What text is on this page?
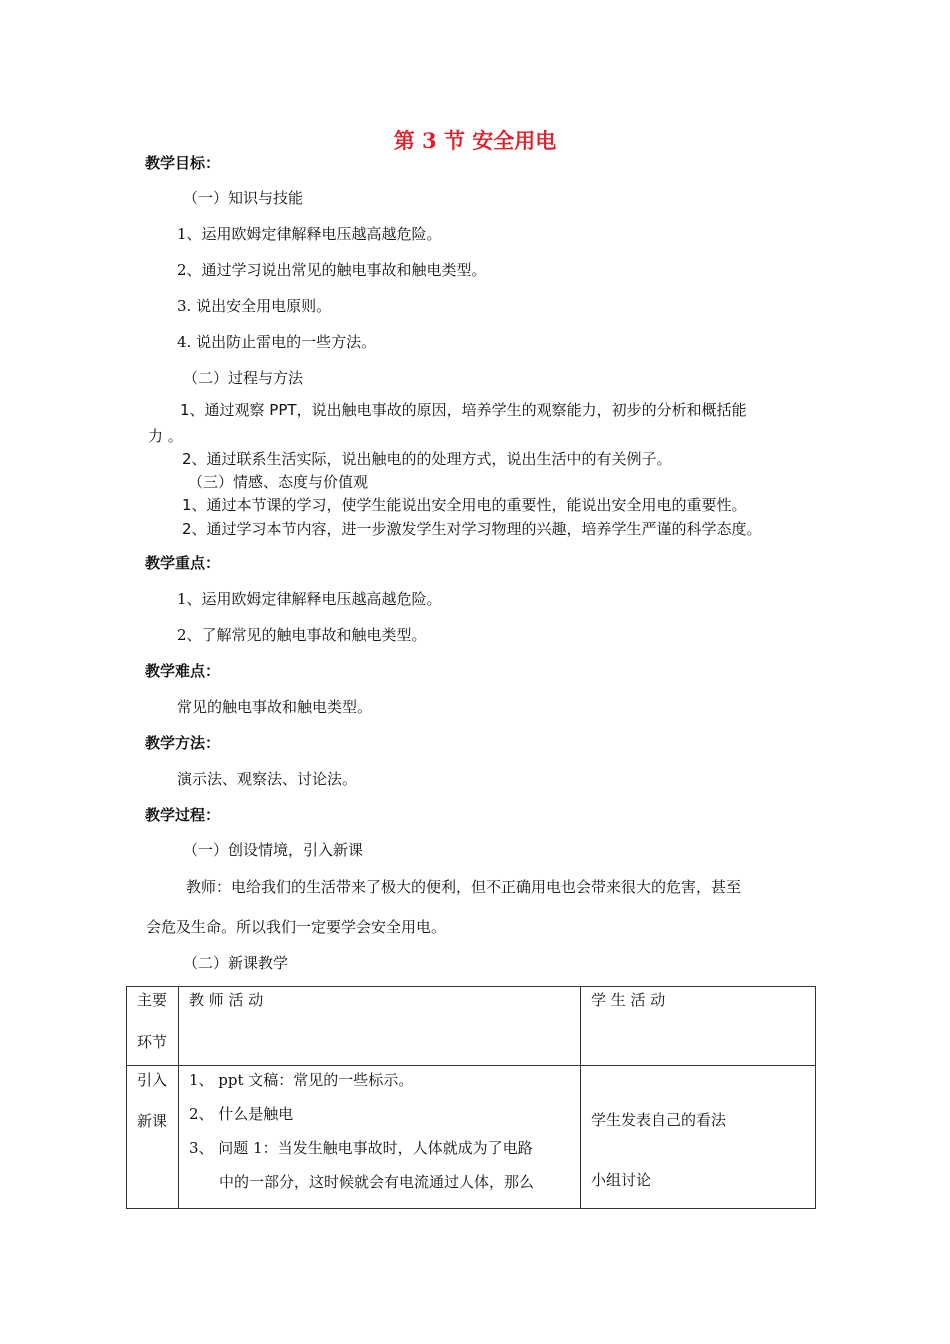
第 3 节 安全用电
教学目标：
（一）知识与技能
1、运用欧姆定律解释电压越高越危险。
2、通过学习说出常见的触电事故和触电类型。
3. 说出安全用电原则。
4. 说出防止雷电的一些方法。
（二）过程与方法
1、通过观察 PPT，说出触电事故的原因，培养学生的观察能力，初步的分析和概括能
力 。
2、通过联系生活实际，说出触电的的处理方式，说出生活中的有关例子。
（三）情感、态度与价值观
1、通过本节课的学习，使学生能说出安全用电的重要性，能说出安全用电的重要性。
2、通过学习本节内容，进一步激发学生对学习物理的兴趣，培养学生严谨的科学态度。
教学重点：
1、运用欧姆定律解释电压越高越危险。
2、了解常见的触电事故和触电类型。
教学难点：
常见的触电事故和触电类型。
教学方法：
演示法、观察法、讨论法。
教学过程：
（一）创设情境，引入新课
教师：电给我们的生活带来了极大的便利，但不正确用电也会带来很大的危害，甚至
会危及生命。所以我们一定要学会安全用电。
（二）新课教学
主要
环节	教 师 活 动	学 生 活 动

引入
新课	1、 ppt 文稿：常见的一些标示。
2、 什么是触电
3、 问题 1：当发生触电事故时，人体就成为了电路
中的一部分，这时候就会有电流通过人体，那么	学生发表自己的看法
小组讨论
